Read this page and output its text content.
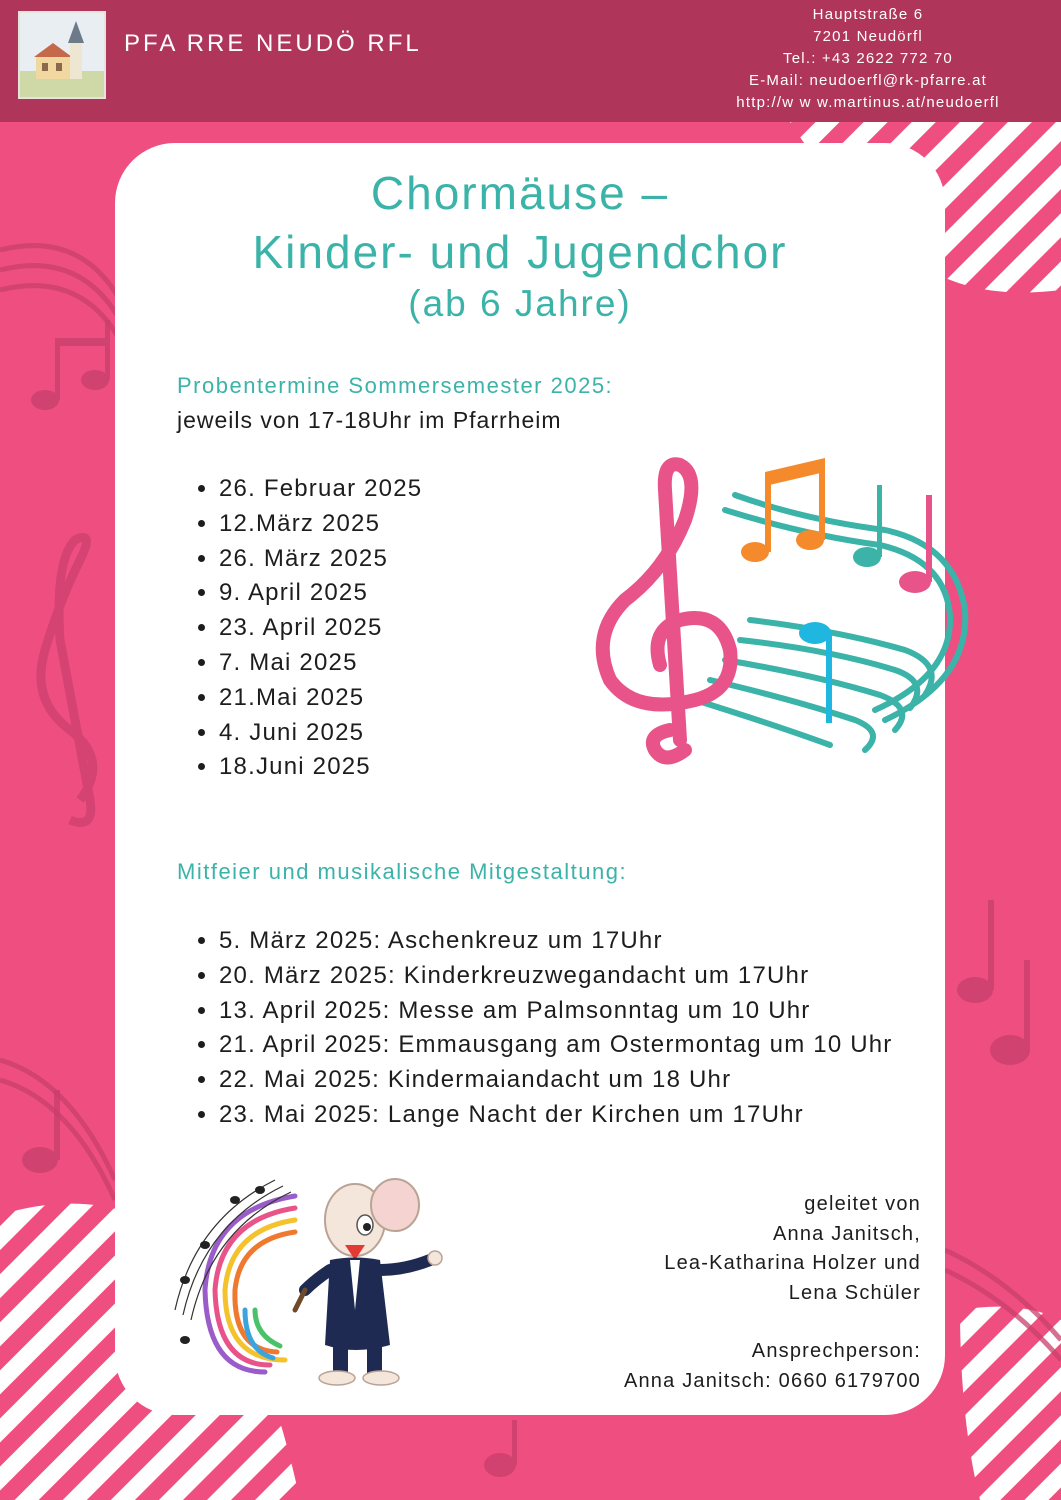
PFA RRE NEUDÖ RFL
Hauptstraße 6
7201 Neudörfl
Tel.: +43 2622 772 70
E-Mail: neudoerfl@rk-pfarre.at
http://w w w.martinus.at/neudoerfl
Chormäuse –
Kinder- und Jugendchor
(ab 6 Jahre)
Probentermine Sommersemester 2025:
jeweils von 17-18Uhr im Pfarrheim
• 26. Februar 2025
• 12.März 2025
• 26. März 2025
• 9. April 2025
• 23. April 2025
• 7. Mai 2025
• 21.Mai 2025
• 4. Juni 2025
• 18.Juni 2025
Mitfeier und musikalische Mitgestaltung:
• 5. März 2025: Aschenkreuz um 17Uhr
• 20. März 2025: Kinderkreuzwegandacht um 17Uhr
• 13. April 2025: Messe am Palmsonntag um 10 Uhr
• 21. April 2025: Emmausgang am Ostermontag um 10 Uhr
• 22. Mai 2025: Kindermaiandacht um 18 Uhr
• 23. Mai 2025: Lange Nacht der Kirchen um 17Uhr
geleitet von
Anna Janitsch,
Lea-Katharina Holzer und
Lena Schüler
Ansprechperson:
Anna Janitsch: 0660 6179700
